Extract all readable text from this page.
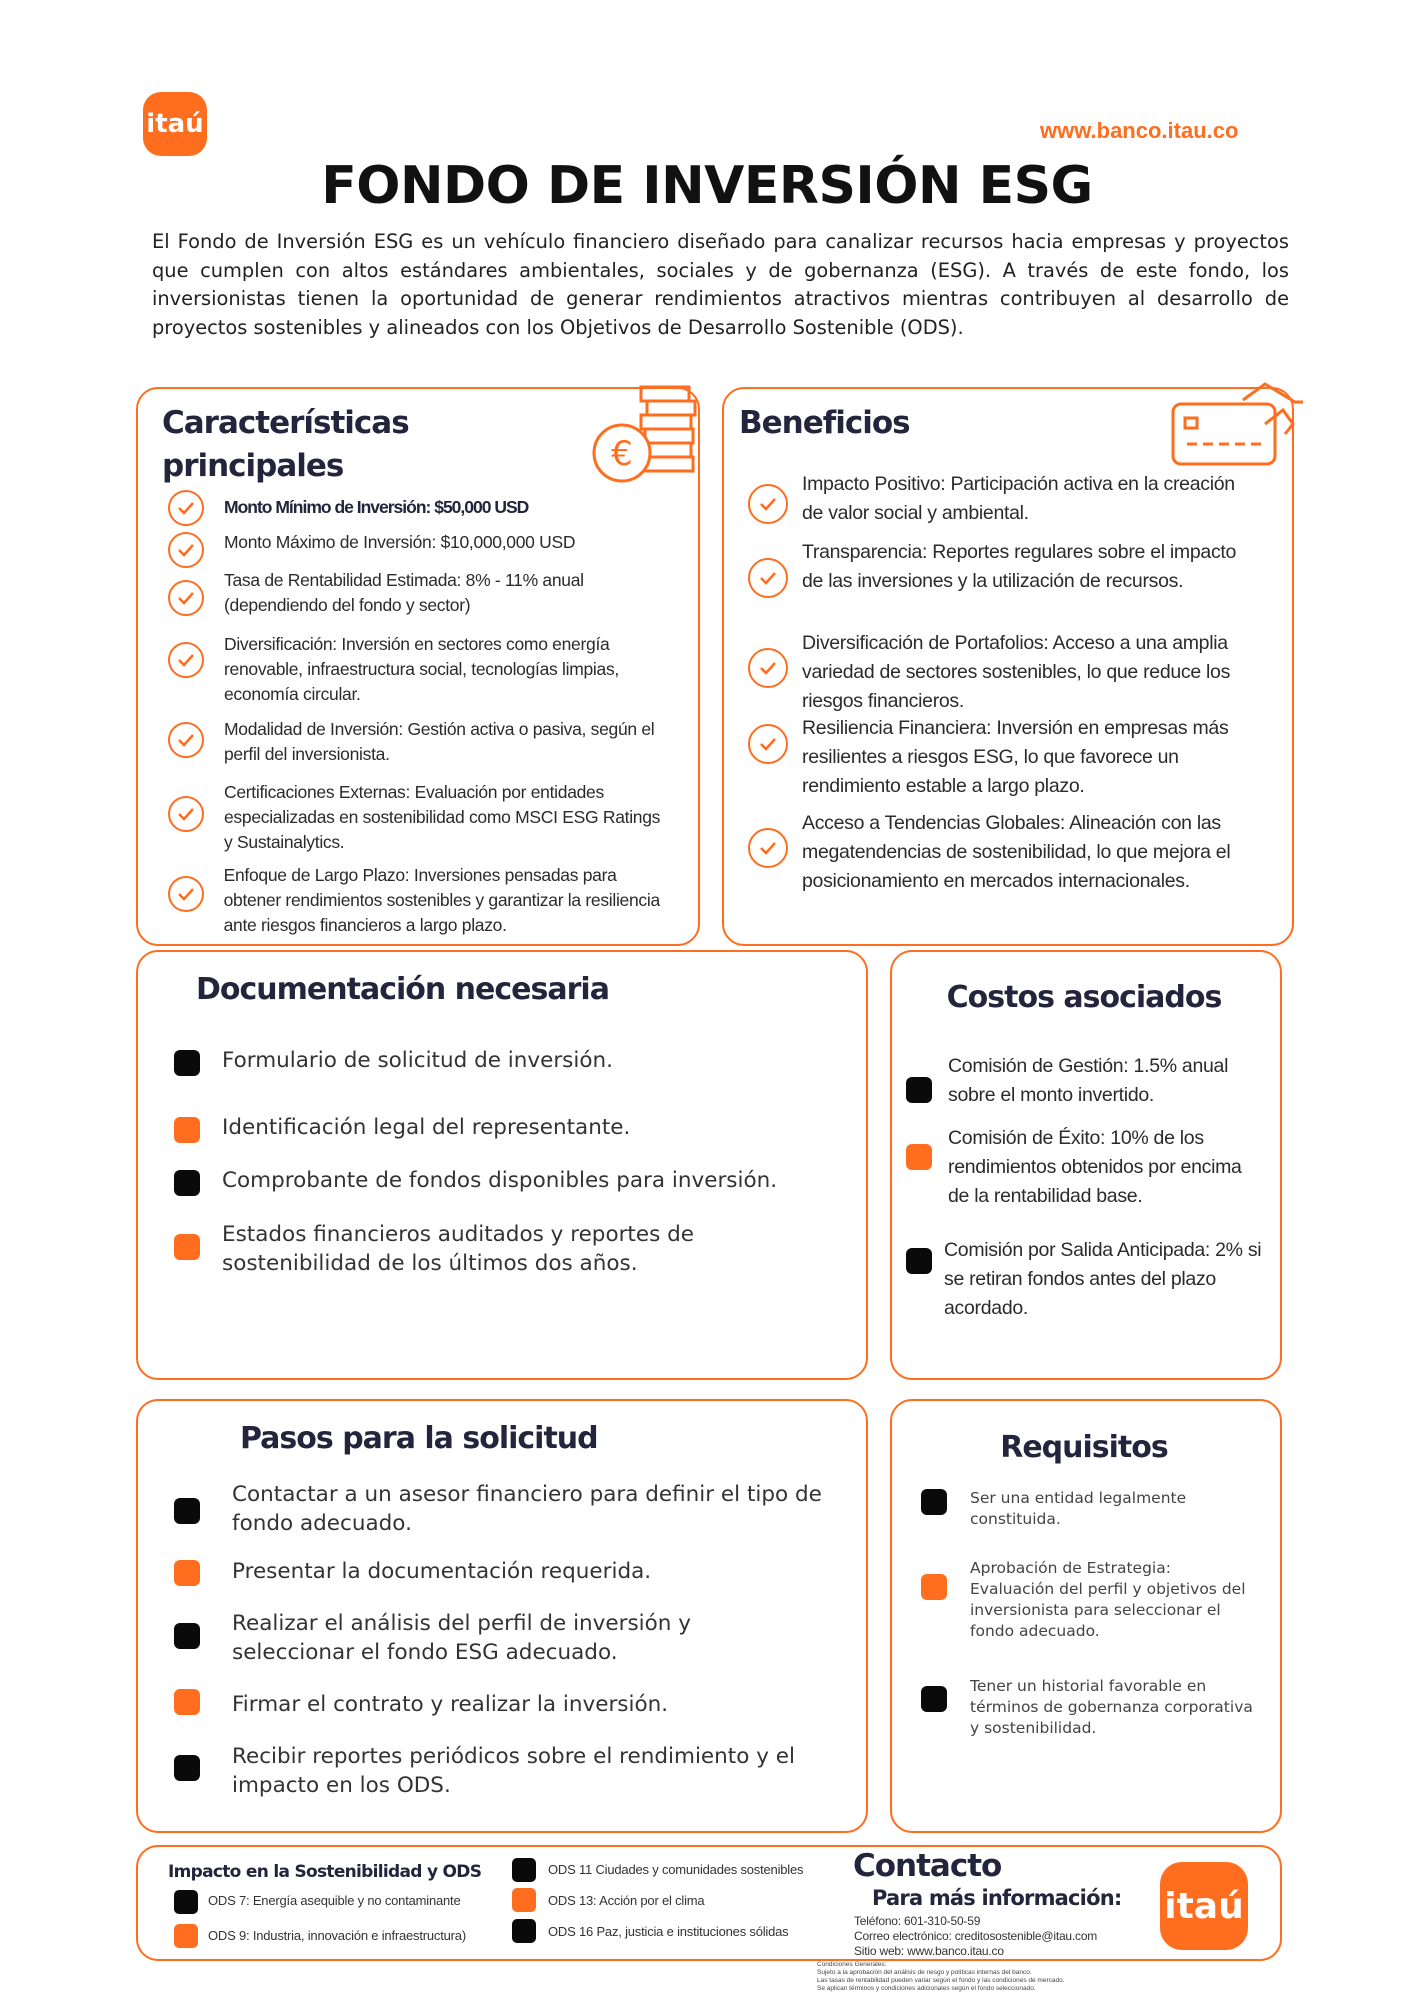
itaú	www.banco.itau.co
FONDO DE INVERSIÓN ESG
El Fondo de Inversión ESG es un vehículo financiero diseñado para canalizar recursos hacia empresas y proyectos que cumplen con altos estándares ambientales, sociales y de gobernanza (ESG). A través de este fondo, los inversionistas tienen la oportunidad de generar rendimientos atractivos mientras contribuyen al desarrollo de proyectos sostenibles y alineados con los Objetivos de Desarrollo Sostenible (ODS).
Características
principales	€
Monto Mínimo de Inversión: $50,000 USD
Monto Máximo de Inversión: $10,000,000 USD
Tasa de Rentabilidad Estimada: 8% - 11% anual (dependiendo del fondo y sector)
Diversificación: Inversión en sectores como energía renovable, infraestructura social, tecnologías limpias, economía circular.
Modalidad de Inversión: Gestión activa o pasiva, según el perfil del inversionista.
Certificaciones Externas: Evaluación por entidades especializadas en sostenibilidad como MSCI ESG Ratings y Sustainalytics.
Enfoque de Largo Plazo: Inversiones pensadas para obtener rendimientos sostenibles y garantizar la resiliencia ante riesgos financieros a largo plazo.
Beneficios
Impacto Positivo: Participación activa en la creación de valor social y ambiental.
Transparencia: Reportes regulares sobre el impacto de las inversiones y la utilización de recursos.
Diversificación de Portafolios: Acceso a una amplia variedad de sectores sostenibles, lo que reduce los riesgos financieros.
Resiliencia Financiera: Inversión en empresas más resilientes a riesgos ESG, lo que favorece un rendimiento estable a largo plazo.
Acceso a Tendencias Globales: Alineación con las megatendencias de sostenibilidad, lo que mejora el posicionamiento en mercados internacionales.
Documentación necesaria
Formulario de solicitud de inversión.
Identificación legal del representante.
Comprobante de fondos disponibles para inversión.
Estados financieros auditados y reportes de sostenibilidad de los últimos dos años.
Costos asociados
Comisión de Gestión: 1.5% anual sobre el monto invertido.
Comisión de Éxito: 10% de los rendimientos obtenidos por encima de la rentabilidad base.
Comisión por Salida Anticipada: 2% si se retiran fondos antes del plazo acordado.
Pasos para la solicitud
Contactar a un asesor financiero para definir el tipo de fondo adecuado.
Presentar la documentación requerida.
Realizar el análisis del perfil de inversión y seleccionar el fondo ESG adecuado.
Firmar el contrato y realizar la inversión.
Recibir reportes periódicos sobre el rendimiento y el impacto en los ODS.
Requisitos
Ser una entidad legalmente constituida.
Aprobación de Estrategia: Evaluación del perfil y objetivos del inversionista para seleccionar el fondo adecuado.
Tener un historial favorable en términos de gobernanza corporativa y sostenibilidad.
Impacto en la Sostenibilidad y ODS
ODS 7: Energía asequible y no contaminante
ODS 9: Industria, innovación e infraestructura)
ODS 11 Ciudades y comunidades sostenibles
ODS 13: Acción por el clima
ODS 16 Paz, justicia e instituciones sólidas
Contacto
Para más información:
Teléfono: 601-310-50-59
Correo electrónico: creditosostenible@itau.com
Sitio web: www.banco.itau.co
Condiciones Generales:
Sujeto a la aprobación del análisis de riesgo y políticas internas del banco.
Las tasas de rentabilidad pueden variar según el fondo y las condiciones de mercado.
Se aplican términos y condiciones adicionales según el fondo seleccionado.
itaú
